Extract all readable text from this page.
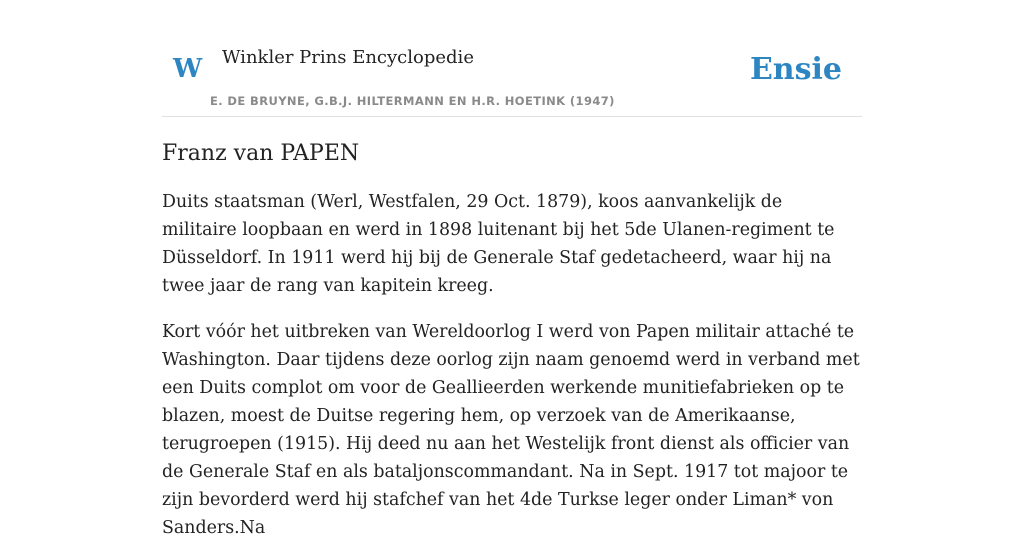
W Winkler Prins Encyclopedie
E. DE BRUYNE, G.B.J. HILTERMANN EN H.R. HOETINK (1947)
Ensie
Franz van PAPEN

Duits staatsman (Werl, Westfalen, 29 Oct. 1879), koos aanvankelijk de militaire loopbaan en werd in 1898 luitenant bij het 5de Ulanen-regiment te Düsseldorf. In 1911 werd hij bij de Generale Staf gedetacheerd, waar hij na twee jaar de rang van kapitein kreeg.

Kort vóór het uitbreken van Wereldoorlog I werd von Papen militair attaché te Washington. Daar tijdens deze oorlog zijn naam genoemd werd in verband met een Duits complot om voor de Geallieerden werkende munitiefabrieken op te blazen, moest de Duitse regering hem, op verzoek van de Amerikaanse, terugroepen (1915). Hij deed nu aan het Westelijk front dienst als officier van de Generale Staf en als bataljonscommandant. Na in Sept. 1917 tot majoor te zijn bevorderd werd hij stafchef van het 4de Turkse leger onder Liman* von Sanders.Na
